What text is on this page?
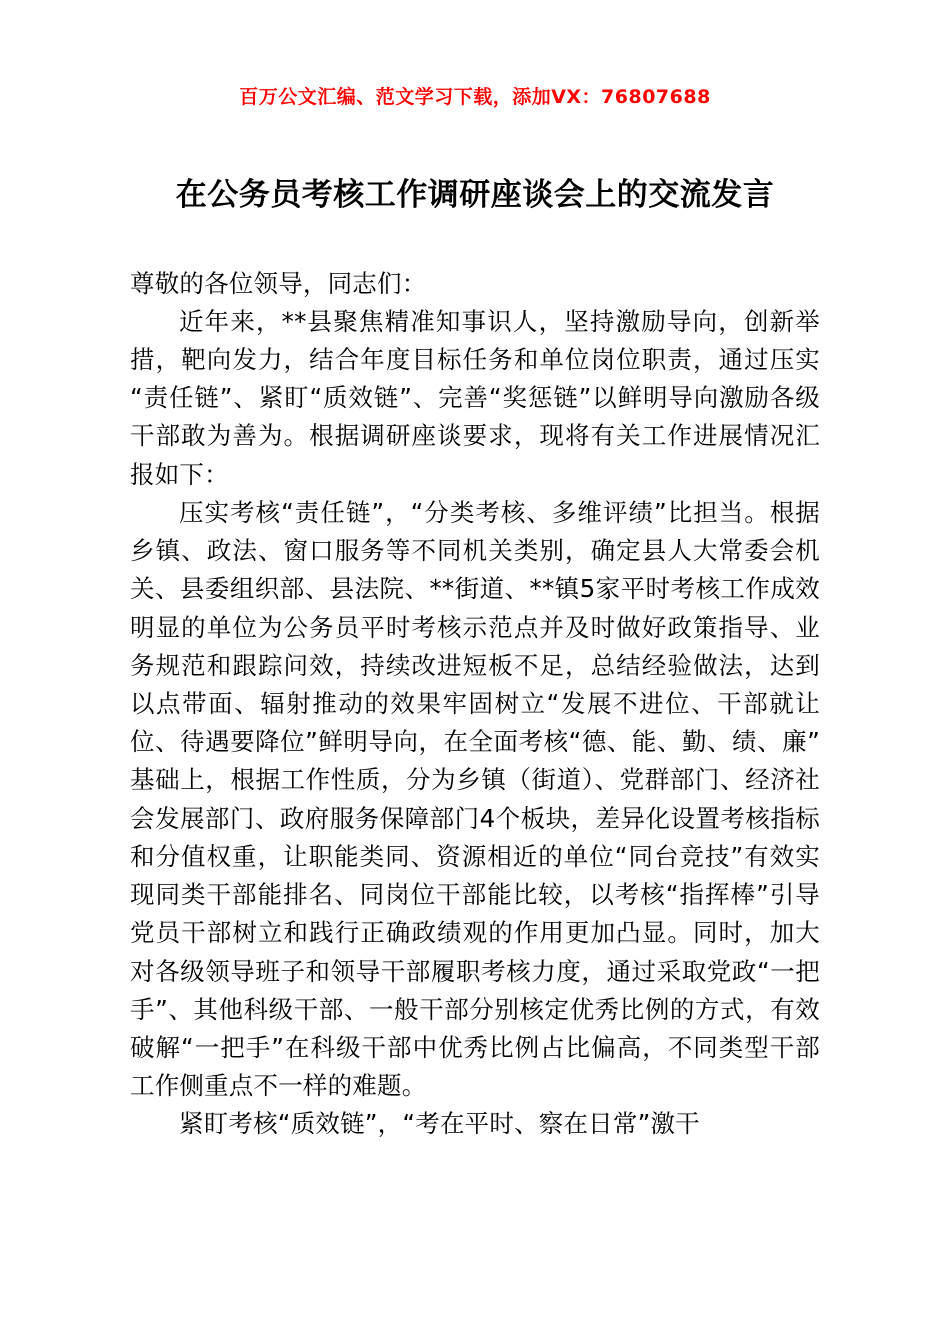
百万公文汇编、范文学习下载，添加VX：76807688
在公务员考核工作调研座谈会上的交流发言

尊敬的各位领导，同志们：

近年来，**县聚焦精准知事识人，坚持激励导向，创新举措，靶向发力，结合年度目标任务和单位岗位职责，通过压实“责任链”、紧盯“质效链”、完善“奖惩链”以鲜明导向激励各级干部敢为善为。根据调研座谈要求，现将有关工作进展情况汇报如下：

压实考核“责任链”，“分类考核、多维评绩”比担当。根据乡镇、政法、窗口服务等不同机关类别，确定县人大常委会机关、县委组织部、县法院、**街道、**镇5家平时考核工作成效明显的单位为公务员平时考核示范点并及时做好政策指导、业务规范和跟踪问效，持续改进短板不足，总结经验做法，达到以点带面、辐射推动的效果牢固树立“发展不进位、干部就让位、待遇要降位”鲜明导向，在全面考核“德、能、勤、绩、廉”基础上，根据工作性质，分为乡镇（街道）、党群部门、经济社会发展部门、政府服务保障部门4个板块，差异化设置考核指标和分值权重，让职能类同、资源相近的单位“同台竞技”有效实现同类干部能排名、同岗位干部能比较，以考核“指挥棒”引导党员干部树立和践行正确政绩观的作用更加凸显。同时，加大对各级领导班子和领导干部履职考核力度，通过采取党政“一把手”、其他科级干部、一般干部分别核定优秀比例的方式，有效破解“一把手”在科级干部中优秀比例占比偏高，不同类型干部工作侧重点不一样的难题。

紧盯考核“质效链”，“考在平时、察在日常”激干
